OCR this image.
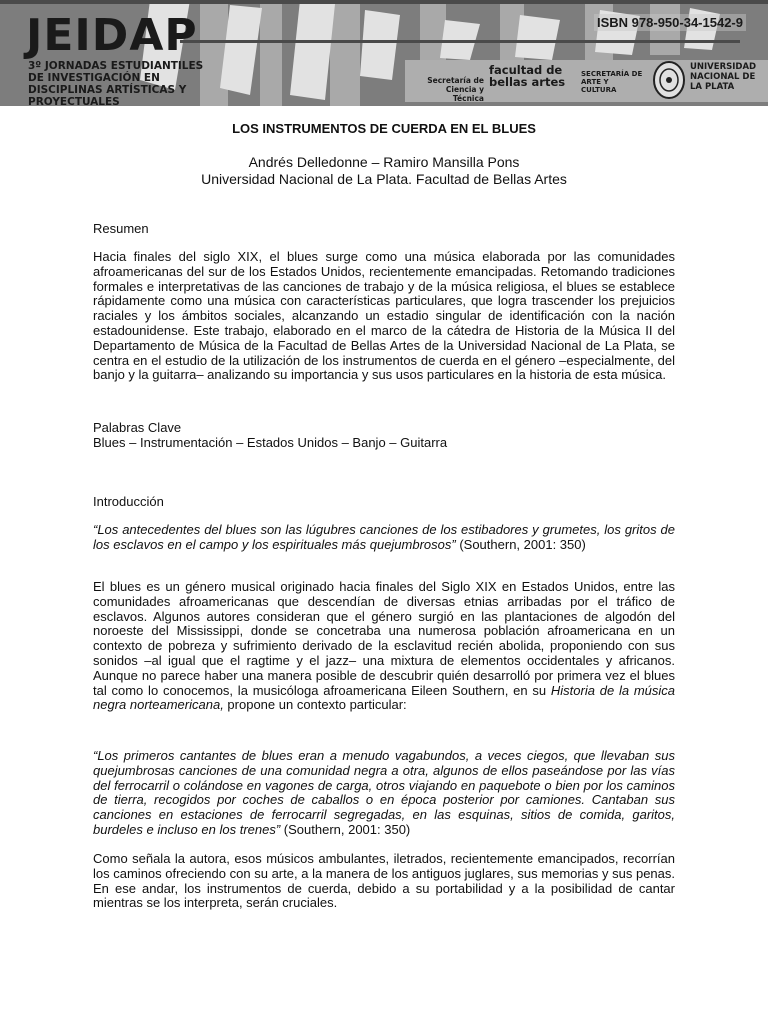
JEIDAP
3º JORNADAS ESTUDIANTILES DE INVESTIGACIÓN EN DISCIPLINAS ARTÍSTICAS Y PROYECTUALES
ISBN 978-950-34-1542-9
Secretaría de Ciencia y Técnica
facultad de bellas artes
SECRETARÍA DE ARTE Y CULTURA
UNIVERSIDAD NACIONAL DE LA PLATA
LOS INSTRUMENTOS DE CUERDA EN EL BLUES
Andrés Delledonne – Ramiro Mansilla Pons
Universidad Nacional de La Plata. Facultad de Bellas Artes

Resumen

Hacia finales del siglo XIX, el blues surge como una música elaborada por las comunidades afroamericanas del sur de los Estados Unidos, recientemente emancipadas. Retomando tradiciones formales e interpretativas de las canciones de trabajo y de la música religiosa, el blues se establece rápidamente como una música con características particulares, que logra trascender los prejuicios raciales y los ámbitos sociales, alcanzando un estadio singular de identificación con la nación estadounidense. Este trabajo, elaborado en el marco de la cátedra de Historia de la Música II del Departamento de Música de la Facultad de Bellas Artes de la Universidad Nacional de La Plata, se centra en el estudio de la utilización de los instrumentos de cuerda en el género –especialmente, del banjo y la guitarra– analizando su importancia y sus usos particulares en la historia de esta música.

Palabras Clave
Blues – Instrumentación – Estados Unidos – Banjo – Guitarra

Introducción

“Los antecedentes del blues son las lúgubres canciones de los estibadores y grumetes, los gritos de los esclavos en el campo y los espirituales más quejumbrosos” (Southern, 2001: 350)

El blues es un género musical originado hacia finales del Siglo XIX en Estados Unidos, entre las comunidades afroamericanas que descendían de diversas etnias arribadas por el tráfico de esclavos. Algunos autores consideran que el género surgió en las plantaciones de algodón del noroeste del Mississippi, donde se concetraba una numerosa población afroamericana en un contexto de pobreza y sufrimiento derivado de la esclavitud recién abolida, proponiendo con sus sonidos –al igual que el ragtime y el jazz– una mixtura de elementos occidentales y africanos. Aunque no parece haber una manera posible de descubrir quién desarrolló por primera vez el blues tal como lo conocemos, la musicóloga afroamericana Eileen Southern, en su Historia de la música negra norteamericana, propone un contexto particular:

“Los primeros cantantes de blues eran a menudo vagabundos, a veces ciegos, que llevaban sus quejumbrosas canciones de una comunidad negra a otra, algunos de ellos paseándose por las vías del ferrocarril o colándose en vagones de carga, otros viajando en paquebote o bien por los caminos de tierra, recogidos por coches de caballos o en época posterior por camiones. Cantaban sus canciones en estaciones de ferrocarril segregadas, en las esquinas, sitios de comida, garitos, burdeles e incluso en los trenes” (Southern, 2001: 350)

Como señala la autora, esos músicos ambulantes, iletrados, recientemente emancipados, recorrían los caminos ofreciendo con su arte, a la manera de los antiguos juglares, sus memorias y sus penas. En ese andar, los instrumentos de cuerda, debido a su portabilidad y a la posibilidad de cantar mientras se los interpreta, serán cruciales.
